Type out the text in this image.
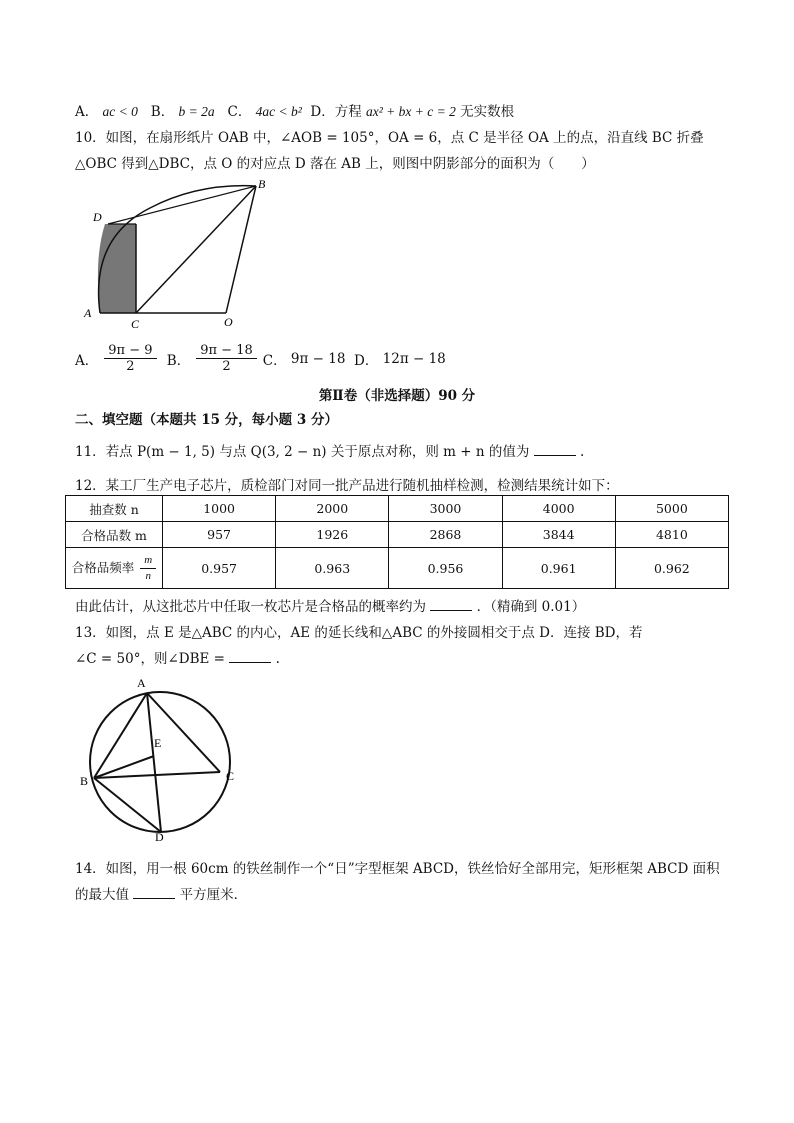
A． ac < 0 B． b = 2a C． 4ac < b² D．方程 ax² + bx + c = 2 无实数根
10．如图，在扇形纸片 OAB 中，∠AOB = 105°，OA = 6，点 C 是半径 OA 上的点，沿直线 BC 折叠
△OBC 得到△DBC，点 O 的对应点 D 落在 AB 上，则图中阴影部分的面积为（　　）
B
D
A
C	O
A． $\frac{9\pi - 9}{2}$
B． $\frac{9\pi - 18}{2}$ C．
9π − 18
D．
12π − 18
第Ⅱ卷（非选择题）90 分
二、填空题（本题共 15 分，每小题 3 分）
11．若点 P(m − 1, 5) 与点 Q(3, 2 − n) 关于原点对称，则 m + n 的值为	.
12．某工厂生产电子芯片，质检部门对同一批产品进行随机抽样检测，检测结果统计如下：
抽查数 n	1000	2000	3000	4000	5000
合格品数 m	957	1926	2868	3844	4810
合格品频率 $\frac{m}{n}$	0.957	0.963	0.956	0.961	0.962
由此估计，从这批芯片中任取一枚芯片是合格品的概率约为	．（精确到 0.01）
13．如图，点 E 是△ABC 的内心，AE 的延长线和△ABC 的外接圆相交于点 D．连接 BD，若
∠C = 50°，则∠DBE =	.
A
E
B	C
D
14．如图，用一根 60cm 的铁丝制作一个“日”字型框架 ABCD，铁丝恰好全部用完，矩形框架 ABCD 面积
的最大值	平方厘米．
